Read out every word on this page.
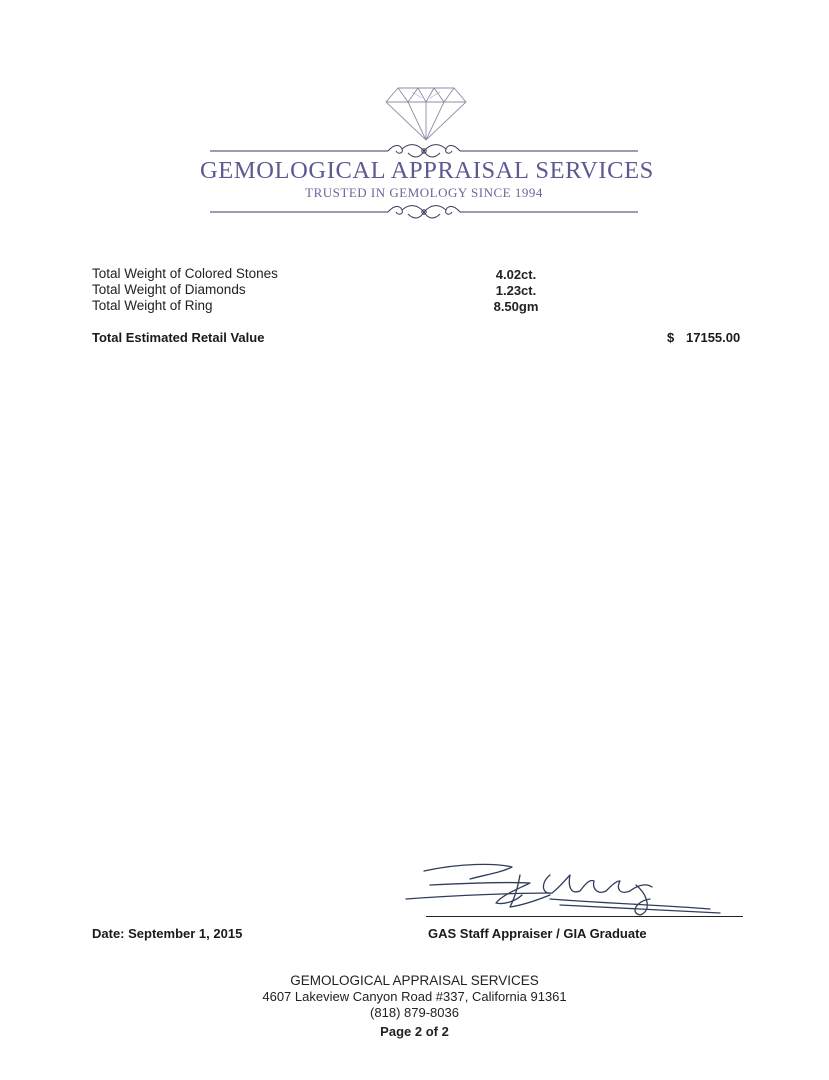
GEMOLOGICAL APPRAISAL SERVICES
TRUSTED IN GEMOLOGY SINCE 1994
Total Weight of Colored Stones	4.02ct.
Total Weight of Diamonds	1.23ct.
Total Weight of Ring	8.50gm
Total Estimated Retail Value	$ 17155.00
Date: September 1, 2015	GAS Staff Appraiser / GIA Graduate
GEMOLOGICAL APPRAISAL SERVICES
4607 Lakeview Canyon Road #337, California 91361
(818) 879-8036
Page 2 of 2
